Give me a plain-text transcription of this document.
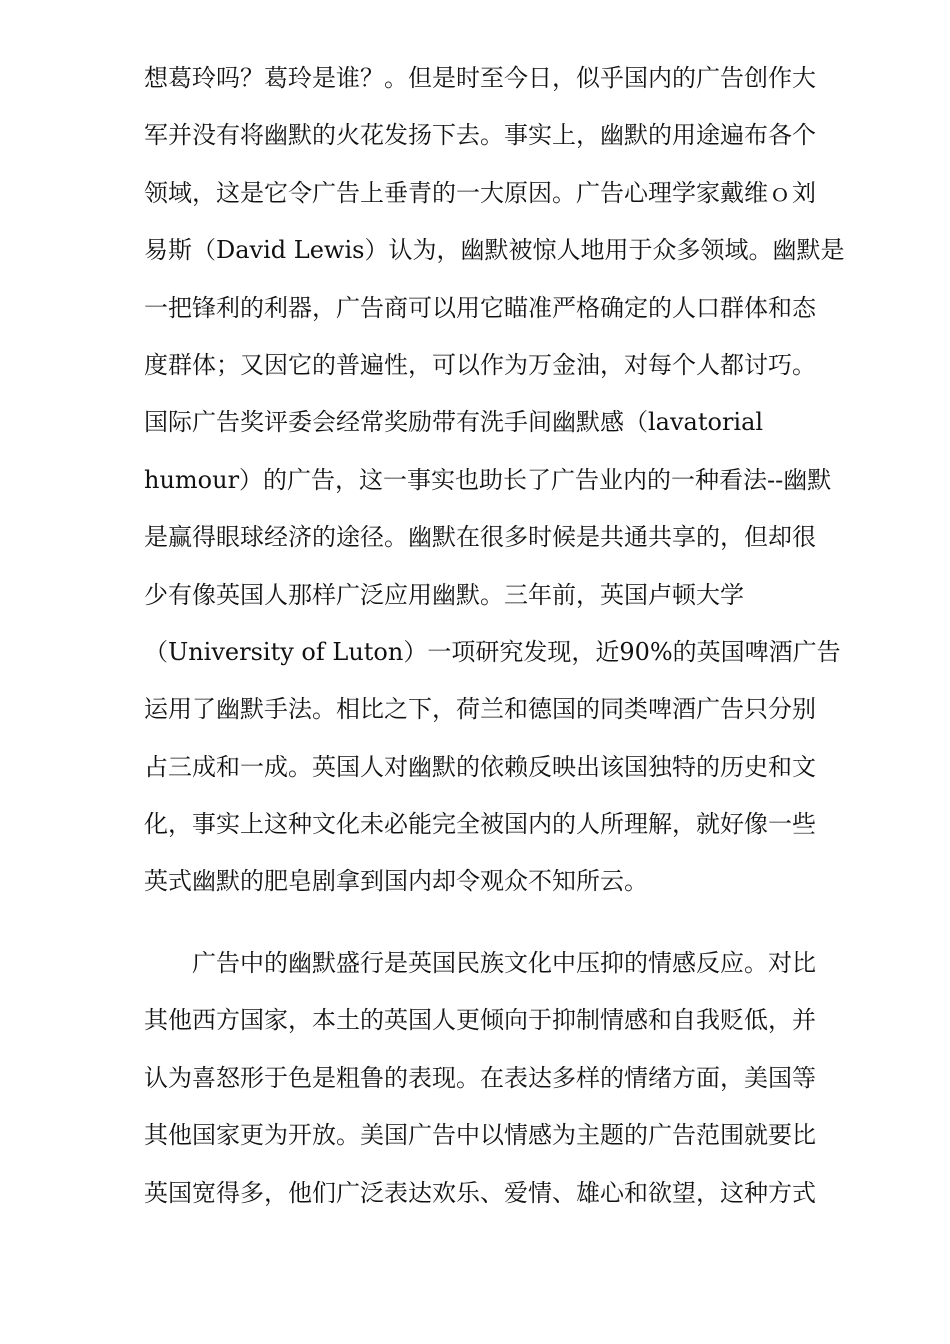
想葛玲吗？葛玲是谁？。但是时至今日，似乎国内的广告创作大
军并没有将幽默的火花发扬下去。事实上，幽默的用途遍布各个
领域，这是它令广告上垂青的一大原因。广告心理学家戴维ｏ刘
易斯（David Lewis）认为，幽默被惊人地用于众多领域。幽默是
一把锋利的利器，广告商可以用它瞄准严格确定的人口群体和态
度群体；又因它的普遍性，可以作为万金油，对每个人都讨巧。
国际广告奖评委会经常奖励带有洗手间幽默感（lavatorial
humour）的广告，这一事实也助长了广告业内的一种看法--幽默
是赢得眼球经济的途径。幽默在很多时候是共通共享的，但却很
少有像英国人那样广泛应用幽默。三年前，英国卢顿大学
（University of Luton）一项研究发现，近90%的英国啤酒广告
运用了幽默手法。相比之下，荷兰和德国的同类啤酒广告只分别
占三成和一成。英国人对幽默的依赖反映出该国独特的历史和文
化，事实上这种文化未必能完全被国内的人所理解，就好像一些
英式幽默的肥皂剧拿到国内却令观众不知所云。
广告中的幽默盛行是英国民族文化中压抑的情感反应。对比
其他西方国家，本土的英国人更倾向于抑制情感和自我贬低，并
认为喜怒形于色是粗鲁的表现。在表达多样的情绪方面，美国等
其他国家更为开放。美国广告中以情感为主题的广告范围就要比
英国宽得多，他们广泛表达欢乐、爱情、雄心和欲望，这种方式
